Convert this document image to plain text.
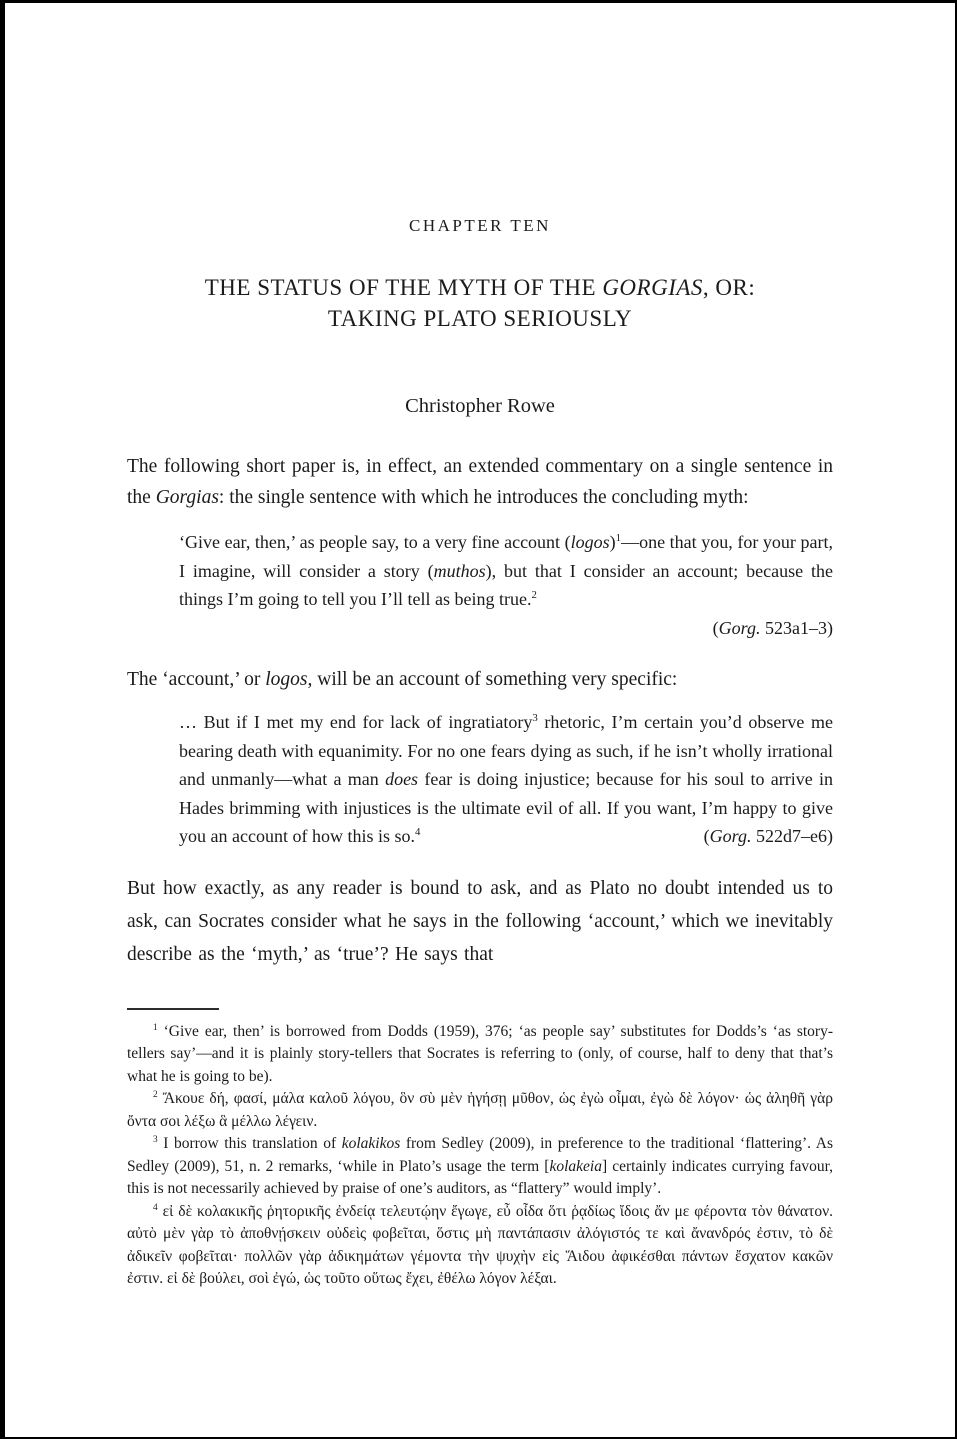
CHAPTER TEN
THE STATUS OF THE MYTH OF THE GORGIAS, OR:
TAKING PLATO SERIOUSLY
Christopher Rowe

The following short paper is, in effect, an extended commentary on a single sentence in the Gorgias: the single sentence with which he introduces the concluding myth:

‘Give ear, then,’ as people say, to a very fine account (logos)$^1$—one that you, for your part, I imagine, will consider a story (muthos), but that I consider an account; because the things I’m going to tell you I’ll tell as being true.$^2$

(Gorg. 523a1–3)

The ‘account,’ or logos, will be an account of something very specific:

… But if I met my end for lack of ingratiatory$^3$ rhetoric, I’m certain you’d observe me bearing death with equanimity. For no one fears dying as such, if he isn’t wholly irrational and unmanly—what a man does fear is doing injustice; because for his soul to arrive in Hades brimming with injustices is the ultimate evil of all. If you want, I’m happy to give you an account of how this is so.$^4$	(Gorg. 522d7–e6)

But how exactly, as any reader is bound to ask, and as Plato no doubt intended us to ask, can Socrates consider what he says in the following ‘account,’ which we inevitably describe as the ‘myth,’ as ‘true’? He says that

$^1$ ‘Give ear, then’ is borrowed from Dodds (1959), 376; ‘as people say’ substitutes for Dodds’s ‘as story-tellers say’—and it is plainly story-tellers that Socrates is referring to (only, of course, half to deny that that’s what he is going to be).

$^2$ Ἄκουε δή, φασί, μάλα καλοῦ λόγου, ὃν σὺ μὲν ἡγήσῃ μῦθον, ὡς ἐγὼ οἶμαι, ἐγὼ δὲ λόγον· ὡς ἀληθῆ γὰρ ὄντα σοι λέξω ἃ μέλλω λέγειν.

$^3$ I borrow this translation of kolakikos from Sedley (2009), in preference to the traditional ‘flattering’. As Sedley (2009), 51, n. 2 remarks, ‘while in Plato’s usage the term [kolakeia] certainly indicates currying favour, this is not necessarily achieved by praise of one’s auditors, as “flattery” would imply’.

$^4$ εἰ δὲ κολακικῆς ῥητορικῆς ἐνδείᾳ τελευτῴην ἔγωγε, εὖ οἶδα ὅτι ῥᾳδίως ἴδοις ἄν με φέροντα τὸν θάνατον. αὐτὸ μὲν γὰρ τὸ ἀποθνῄσκειν οὐδεὶς φοβεῖται, ὅστις μὴ παντάπασιν ἀλόγιστός τε καὶ ἄνανδρός ἐστιν, τὸ δὲ ἀδικεῖν φοβεῖται· πολλῶν γὰρ ἀδικημάτων γέμοντα τὴν ψυχὴν εἰς Ἅιδου ἀφικέσθαι πάντων ἔσχατον κακῶν ἐστιν. εἰ δὲ βούλει, σοὶ ἐγώ, ὡς τοῦτο οὕτως ἔχει, ἐθέλω λόγον λέξαι.
